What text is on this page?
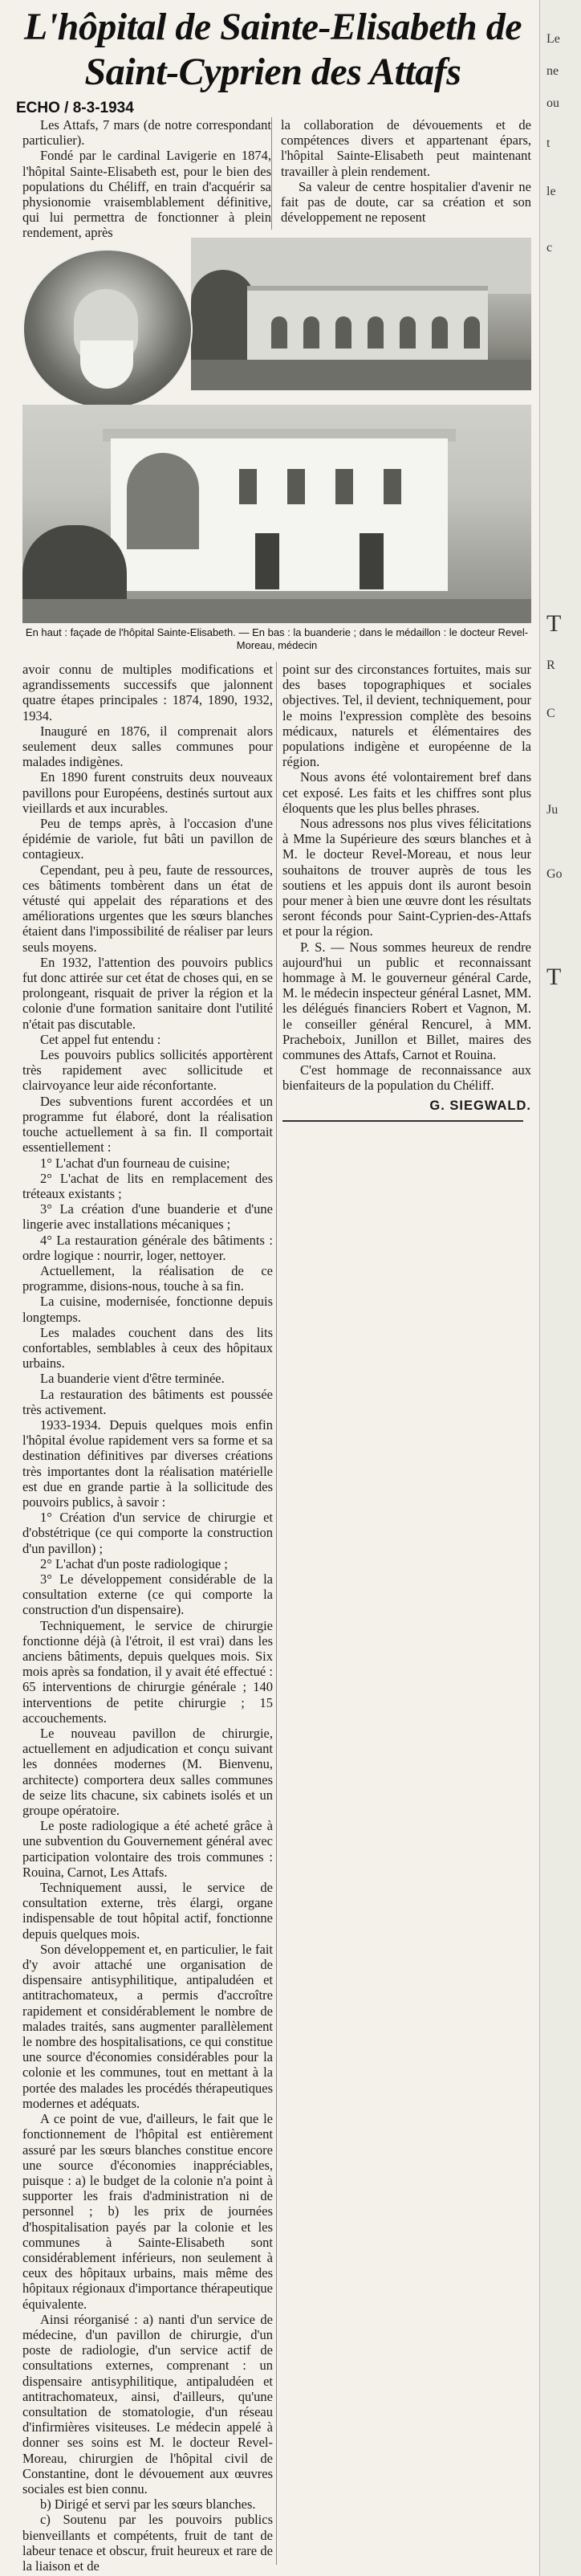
L'hôpital de Sainte-Elisabeth de Saint-Cyprien des Attafs
ECHO / 8-3-1934

Les Attafs, 7 mars (de notre correspondant particulier).

Fondé par le cardinal Lavigerie en 1874, l'hôpital Sainte-Elisabeth est, pour le bien des populations du Chéliff, en train d'acquérir sa physionomie vraisemblablement définitive, qui lui permettra de fonctionner à plein rendement, après

la collaboration de dévouements et de compétences divers et appartenant épars, l'hôpital Sainte-Elisabeth peut maintenant travailler à plein rendement.

Sa valeur de centre hospitalier d'avenir ne fait pas de doute, car sa création et son développement ne reposent

En haut : façade de l'hôpital Sainte-Elisabeth. — En bas : la buanderie ; dans le médaillon : le docteur Revel-Moreau, médecin

avoir connu de multiples modifications et agrandissements successifs que jalonnent quatre étapes principales : 1874, 1890, 1932, 1934.

Inauguré en 1876, il comprenait alors seulement deux salles communes pour malades indigènes.

En 1890 furent construits deux nouveaux pavillons pour Européens, destinés surtout aux vieillards et aux incurables.

Peu de temps après, à l'occasion d'une épidémie de variole, fut bâti un pavillon de contagieux.

Cependant, peu à peu, faute de ressources, ces bâtiments tombèrent dans un état de vétusté qui appelait des réparations et des améliorations urgentes que les sœurs blanches étaient dans l'impossibilité de réaliser par leurs seuls moyens.

En 1932, l'attention des pouvoirs publics fut donc attirée sur cet état de choses qui, en se prolongeant, risquait de priver la région et la colonie d'une formation sanitaire dont l'utilité n'était pas discutable.

Cet appel fut entendu :

Les pouvoirs publics sollicités apportèrent très rapidement avec sollicitude et clairvoyance leur aide réconfortante.

Des subventions furent accordées et un programme fut élaboré, dont la réalisation touche actuellement à sa fin. Il comportait essentiellement :

1° L'achat d'un fourneau de cuisine;

2° L'achat de lits en remplacement des tréteaux existants ;

3° La création d'une buanderie et d'une lingerie avec installations mécaniques ;

4° La restauration générale des bâtiments : ordre logique : nourrir, loger, nettoyer.

Actuellement, la réalisation de ce programme, disions-nous, touche à sa fin.

La cuisine, modernisée, fonctionne depuis longtemps.

Les malades couchent dans des lits confortables, semblables à ceux des hôpitaux urbains.

La buanderie vient d'être terminée.

La restauration des bâtiments est poussée très activement.

1933-1934. Depuis quelques mois enfin l'hôpital évolue rapidement vers sa forme et sa destination définitives par diverses créations très importantes dont la réalisation matérielle est due en grande partie à la sollicitude des pouvoirs publics, à savoir :

1° Création d'un service de chirurgie et d'obstétrique (ce qui comporte la construction d'un pavillon) ;

2° L'achat d'un poste radiologique ;

3° Le développement considérable de la consultation externe (ce qui comporte la construction d'un dispensaire).

Techniquement, le service de chirurgie fonctionne déjà (à l'étroit, il est vrai) dans les anciens bâtiments, depuis quelques mois. Six mois après sa fondation, il y avait été effectué : 65 interventions de chirurgie générale ; 140 interventions de petite chirurgie ; 15 accouchements.

Le nouveau pavillon de chirurgie, actuellement en adjudication et conçu suivant les données modernes (M. Bienvenu, architecte) comportera deux salles communes de seize lits chacune, six cabinets isolés et un groupe opératoire.

Le poste radiologique a été acheté grâce à une subvention du Gouvernement général avec participation volontaire des trois communes : Rouina, Carnot, Les Attafs.

Techniquement aussi, le service de consultation externe, très élargi, organe indispensable de tout hôpital actif, fonctionne depuis quelques mois.

Son développement et, en particulier, le fait d'y avoir attaché une organisation de dispensaire antisyphilitique, antipaludéen et antitrachomateux, a permis d'accroître rapidement et considérablement le nombre de malades traités, sans augmenter parallèlement le nombre des hospitalisations, ce qui constitue une source d'économies considérables pour la colonie et les communes, tout en mettant à la portée des malades les procédés thérapeutiques modernes et adéquats.

A ce point de vue, d'ailleurs, le fait que le fonctionnement de l'hôpital est entièrement assuré par les sœurs blanches constitue encore une source d'économies inappréciables, puisque : a) le budget de la colonie n'a point à supporter les frais d'administration ni de personnel ; b) les prix de journées d'hospitalisation payés par la colonie et les communes à Sainte-Elisabeth sont considérablement inférieurs, non seulement à ceux des hôpitaux urbains, mais même des hôpitaux régionaux d'importance thérapeutique équivalente.

Ainsi réorganisé : a) nanti d'un service de médecine, d'un pavillon de chirurgie, d'un poste de radiologie, d'un service actif de consultations externes, comprenant : un dispensaire antisyphilitique, antipaludéen et antitrachomateux, ainsi, d'ailleurs, qu'une consultation de stomatologie, d'un réseau d'infirmières visiteuses. Le médecin appelé à donner ses soins est M. le docteur Revel-Moreau, chirurgien de l'hôpital civil de Constantine, dont le dévouement aux œuvres sociales est bien connu.

b) Dirigé et servi par les sœurs blanches.

c) Soutenu par les pouvoirs publics bienveillants et compétents, fruit de tant de labeur tenace et obscur, fruit heureux et rare de la liaison et de

point sur des circonstances fortuites, mais sur des bases topographiques et sociales objectives. Tel, il devient, techniquement, pour le moins l'expression complète des besoins médicaux, naturels et élémentaires des populations indigène et européenne de la région.

Nous avons été volontairement bref dans cet exposé. Les faits et les chiffres sont plus éloquents que les plus belles phrases.

Nous adressons nos plus vives félicitations à Mme la Supérieure des sœurs blanches et à M. le docteur Revel-Moreau, et nous leur souhaitons de trouver auprès de tous les soutiens et les appuis dont ils auront besoin pour mener à bien une œuvre dont les résultats seront féconds pour Saint-Cyprien-des-Attafs et pour la région.

P. S. — Nous sommes heureux de rendre aujourd'hui un public et reconnaissant hommage à M. le gouverneur général Carde, M. le médecin inspecteur général Lasnet, MM. les délégués financiers Robert et Vagnon, M. le conseiller général Rencurel, à MM. Pracheboix, Junillon et Billet, maires des communes des Attafs, Carnot et Rouina.

C'est hommage de reconnaissance aux bienfaiteurs de la population du Chéliff.

G. SIEGWALD.
Le
ne
ou
t
le
c
T
R
C
Ju
Go
T
